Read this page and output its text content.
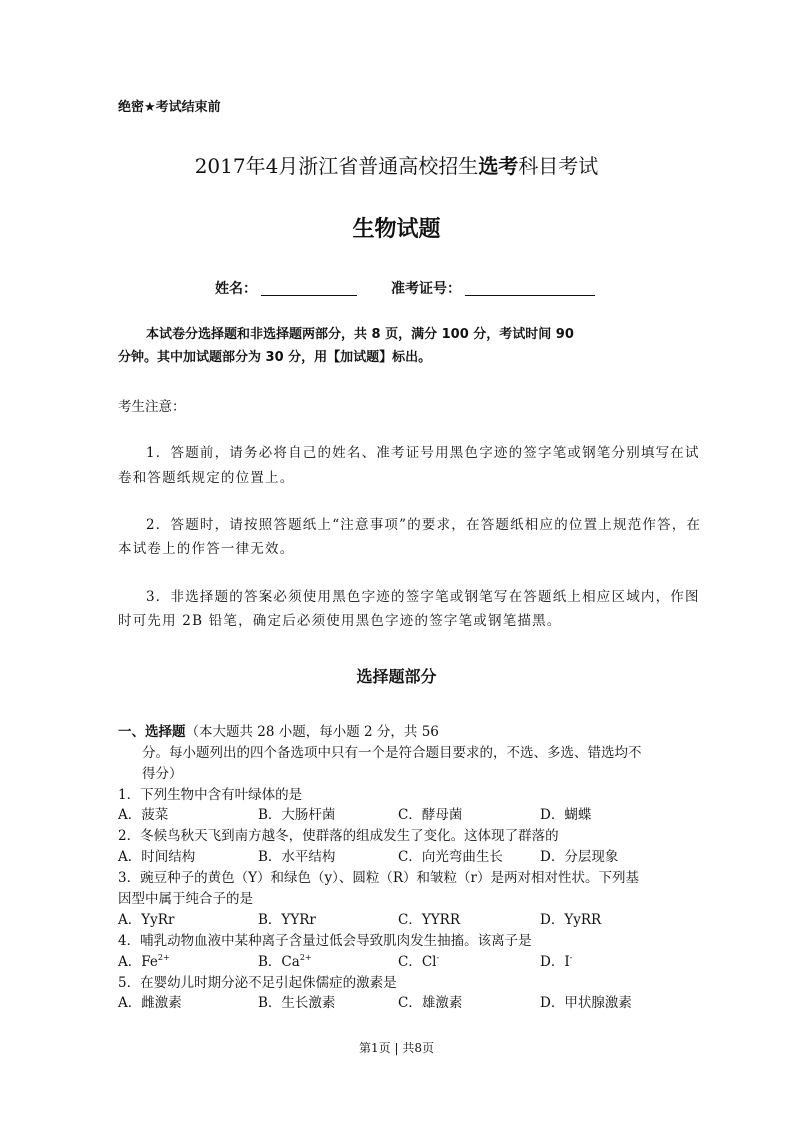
绝密★考试结束前
2017年4月浙江省普通高校招生选考科目考试
生物试题
姓名：	准考证号：
本试卷分选择题和非选择题两部分，共 8 页，满分 100 分，考试时间 90
分钟。其中加试题部分为 30 分，用【加试题】标出。
考生注意：
1．答题前，请务必将自己的姓名、准考证号用黑色字迹的签字笔或钢笔分别填写在试
卷和答题纸规定的位置上。
2．答题时，请按照答题纸上“注意事项”的要求，在答题纸相应的位置上规范作答，在
本试卷上的作答一律无效。
3．非选择题的答案必须使用黑色字迹的签字笔或钢笔写在答题纸上相应区域内，作图
时可先用 2B 铅笔，确定后必须使用黑色字迹的签字笔或钢笔描黑。
选择题部分
一、选择题（本大题共 28 小题，每小题 2 分，共 56
分。每小题列出的四个备选项中只有一个是符合题目要求的，不选、多选、错选均不
得分）
1．下列生物中含有叶绿体的是
A．菠菜	B．大肠杆菌	C．酵母菌	D．蝴蝶
2．冬候鸟秋天飞到南方越冬，使群落的组成发生了变化。这体现了群落的
A．时间结构	B．水平结构	C．向光弯曲生长	D．分层现象
3．豌豆种子的黄色（Y）和绿色（y）、圆粒（R）和皱粒（r）是两对相对性状。下列基
因型中属于纯合子的是
A．YyRr	B．YYRr	C．YYRR	D．YyRR
4．哺乳动物血液中某种离子含量过低会导致肌肉发生抽搐。该离子是
A．$Fe^{2+}$	B．$Ca^{2+}$	C．Cl-	D．I-
5．在婴幼儿时期分泌不足引起侏儒症的激素是
A．雌激素	B．生长激素	C．雄激素	D．甲状腺激素
第1页 | 共8页
